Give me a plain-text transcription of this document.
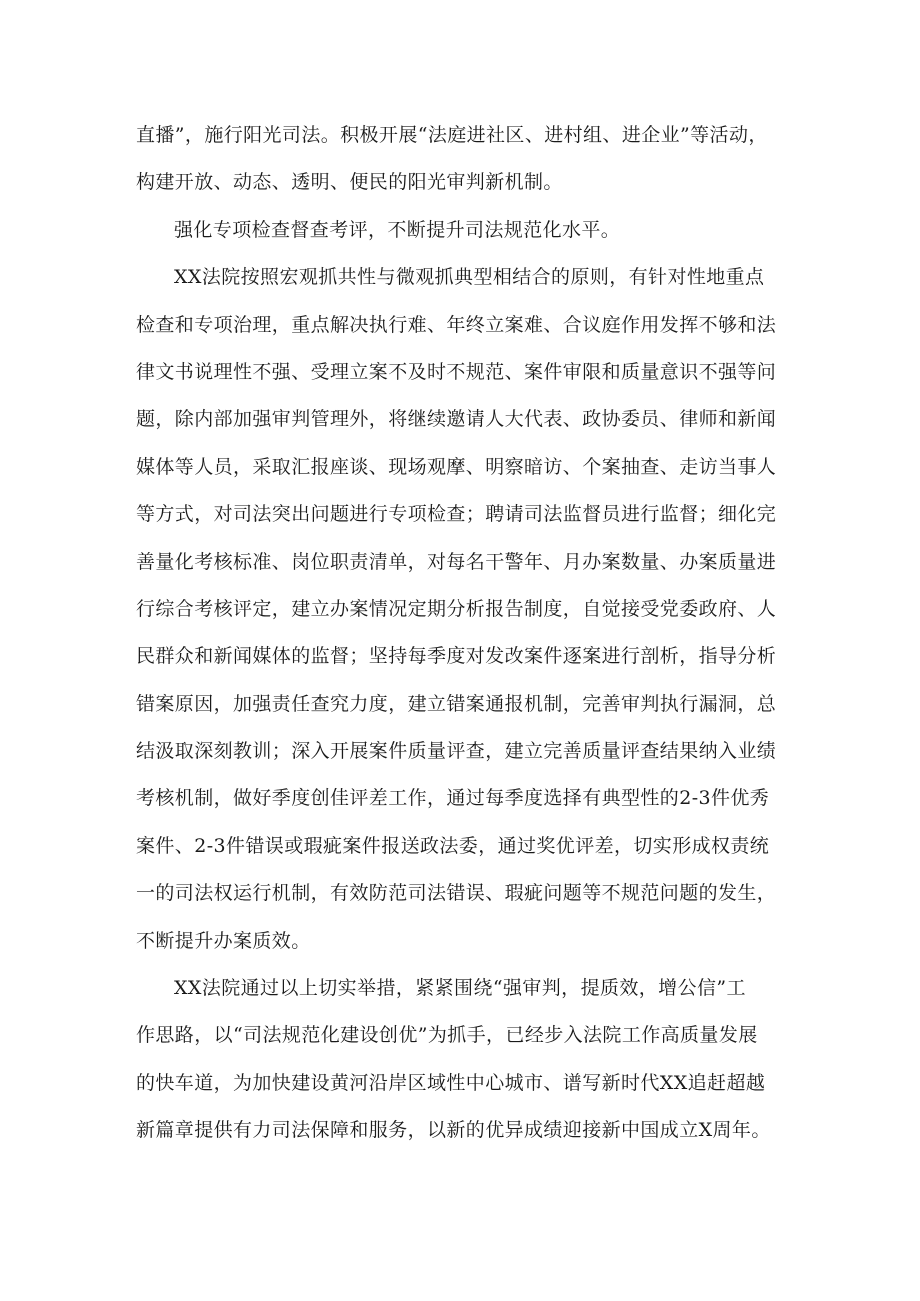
直播”，施行阳光司法。积极开展“法庭进社区、进村组、进企业”等活动，
构建开放、动态、透明、便民的阳光审判新机制。
强化专项检查督查考评，不断提升司法规范化水平。
XX法院按照宏观抓共性与微观抓典型相结合的原则，有针对性地重点
检查和专项治理，重点解决执行难、年终立案难、合议庭作用发挥不够和法
律文书说理性不强、受理立案不及时不规范、案件审限和质量意识不强等问
题，除内部加强审判管理外，将继续邀请人大代表、政协委员、律师和新闻
媒体等人员，采取汇报座谈、现场观摩、明察暗访、个案抽查、走访当事人
等方式，对司法突出问题进行专项检查；聘请司法监督员进行监督；细化完
善量化考核标准、岗位职责清单，对每名干警年、月办案数量、办案质量进
行综合考核评定，建立办案情况定期分析报告制度，自觉接受党委政府、人
民群众和新闻媒体的监督；坚持每季度对发改案件逐案进行剖析，指导分析
错案原因，加强责任查究力度，建立错案通报机制，完善审判执行漏洞，总
结汲取深刻教训；深入开展案件质量评查，建立完善质量评查结果纳入业绩
考核机制，做好季度创佳评差工作，通过每季度选择有典型性的2-3件优秀
案件、2-3件错误或瑕疵案件报送政法委，通过奖优评差，切实形成权责统
一的司法权运行机制，有效防范司法错误、瑕疵问题等不规范问题的发生，
不断提升办案质效。
XX法院通过以上切实举措，紧紧围绕“强审判，提质效，增公信”工
作思路，以“司法规范化建设创优”为抓手，已经步入法院工作高质量发展
的快车道，为加快建设黄河沿岸区域性中心城市、谱写新时代XX追赶超越
新篇章提供有力司法保障和服务，以新的优异成绩迎接新中国成立X周年。
